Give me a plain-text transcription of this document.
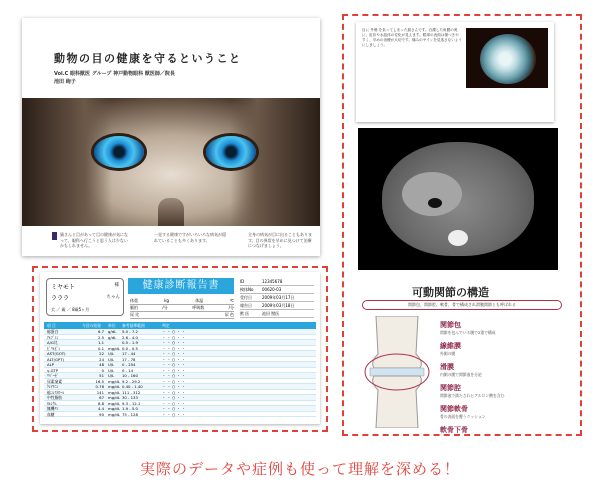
動物の目の健康を守るということ
Vol.C 眼科獣医 グループ 神戸動物眼科 獣医師／院長
池田 絢子
猫さんと目があって目の健康が気になって、眼科へ行こうと思う人は少ないかもしれません。
一見する健康ですがいろいろな病気が隠れていることも多くあります。
全身の病気が目に出ることもあります。目の異常を早めに見つけて治療につなげましょう。
ミヤモト	様
ラララ	ちゃん
犬 ／ 歳 ／ 8歳5ヶ月
健康診断報告書
体重	kg	体温	℃
脈拍	/分	呼吸数	/分
尿 比	尿 色
ID	12345678
検体No	00620-03
受付日	2009年03月17日
報告日	2009年03月18日
獣 医	池田 獣医
項 目	今回の結果	単位	参考基準範囲	判定
総蛋白	6.7	g/dL	5.0 - 7.2	・ ・ ○ ・ ・
ｱﾙﾌﾞﾐﾝ	2.5	g/dL	2.6 - 4.0	・ ・ ○ ・ ・
A/G比	1.1	0.5 - 1.9	・ ・ ○ ・ ・
ﾋﾞﾘﾙﾋﾞﾝ	0.1	mg/dL 0.0 - 0.5	・ ・ ○ ・ ・
AST(GOT)	22	U/L	17 - 44	・ ・ ○ ・ ・
ALT(GPT)	24	U/L	17 - 78	・ ・ ○ ・ ・
ALP	48	U/L	0 - 254	・ ・ ○ ・ ・
γ-GTP	0	U/L	0 - 14	・ ・ ○ ・ ・
ﾘﾊﾟｰｾﾞ	51	U/L	10 - 160	・ ・ ○ ・ ・
尿素窒素	16.5	mg/dL 9.2 - 29.2	・ ・ ○ ・ ・
ｸﾚｱﾁﾆﾝ	0.78	mg/dL 0.40 - 1.40	・ ・ ○ ・ ・
総ｺﾚｽﾃﾛｰﾙ	141	mg/dL 111 - 312	・ ・ ○ ・ ・
中性脂肪	67	mg/dL 30 - 133	・ ・ ○ ・ ・
ｶﾙｼｳﾑ	8.8	mg/dL 9.3 - 12.1	・ ・ ○ ・ ・
無機ﾘﾝ	4.4	mg/dL 1.9 - 5.0	・ ・ ○ ・ ・
血糖	90	mg/dL 75 - 128	・ ・ ○ ・ ・
目に 外傷 を負ってしまった猫さんです。白濁した角膜の奥に、虹彩や水晶体の変化が見えます。眼球の表面は傷つきやすく、早めの治療が大切です。痛みのサインを見逃さないようにしましょう。
可動関節の構造
関節包、関節腔、軟骨、骨で構成され滑膜関節とも呼ばれる
関節包
関節を包んでいる膜で2重で構成
線維膜
外側の膜
滑膜
内側の膜で関節液を分泌
関節腔
関節液で満たされヒアルロン酸を含む
関節軟骨
骨の表面を覆うクッション
軟骨下骨
実際のデータや症例も使って理解を深める！
